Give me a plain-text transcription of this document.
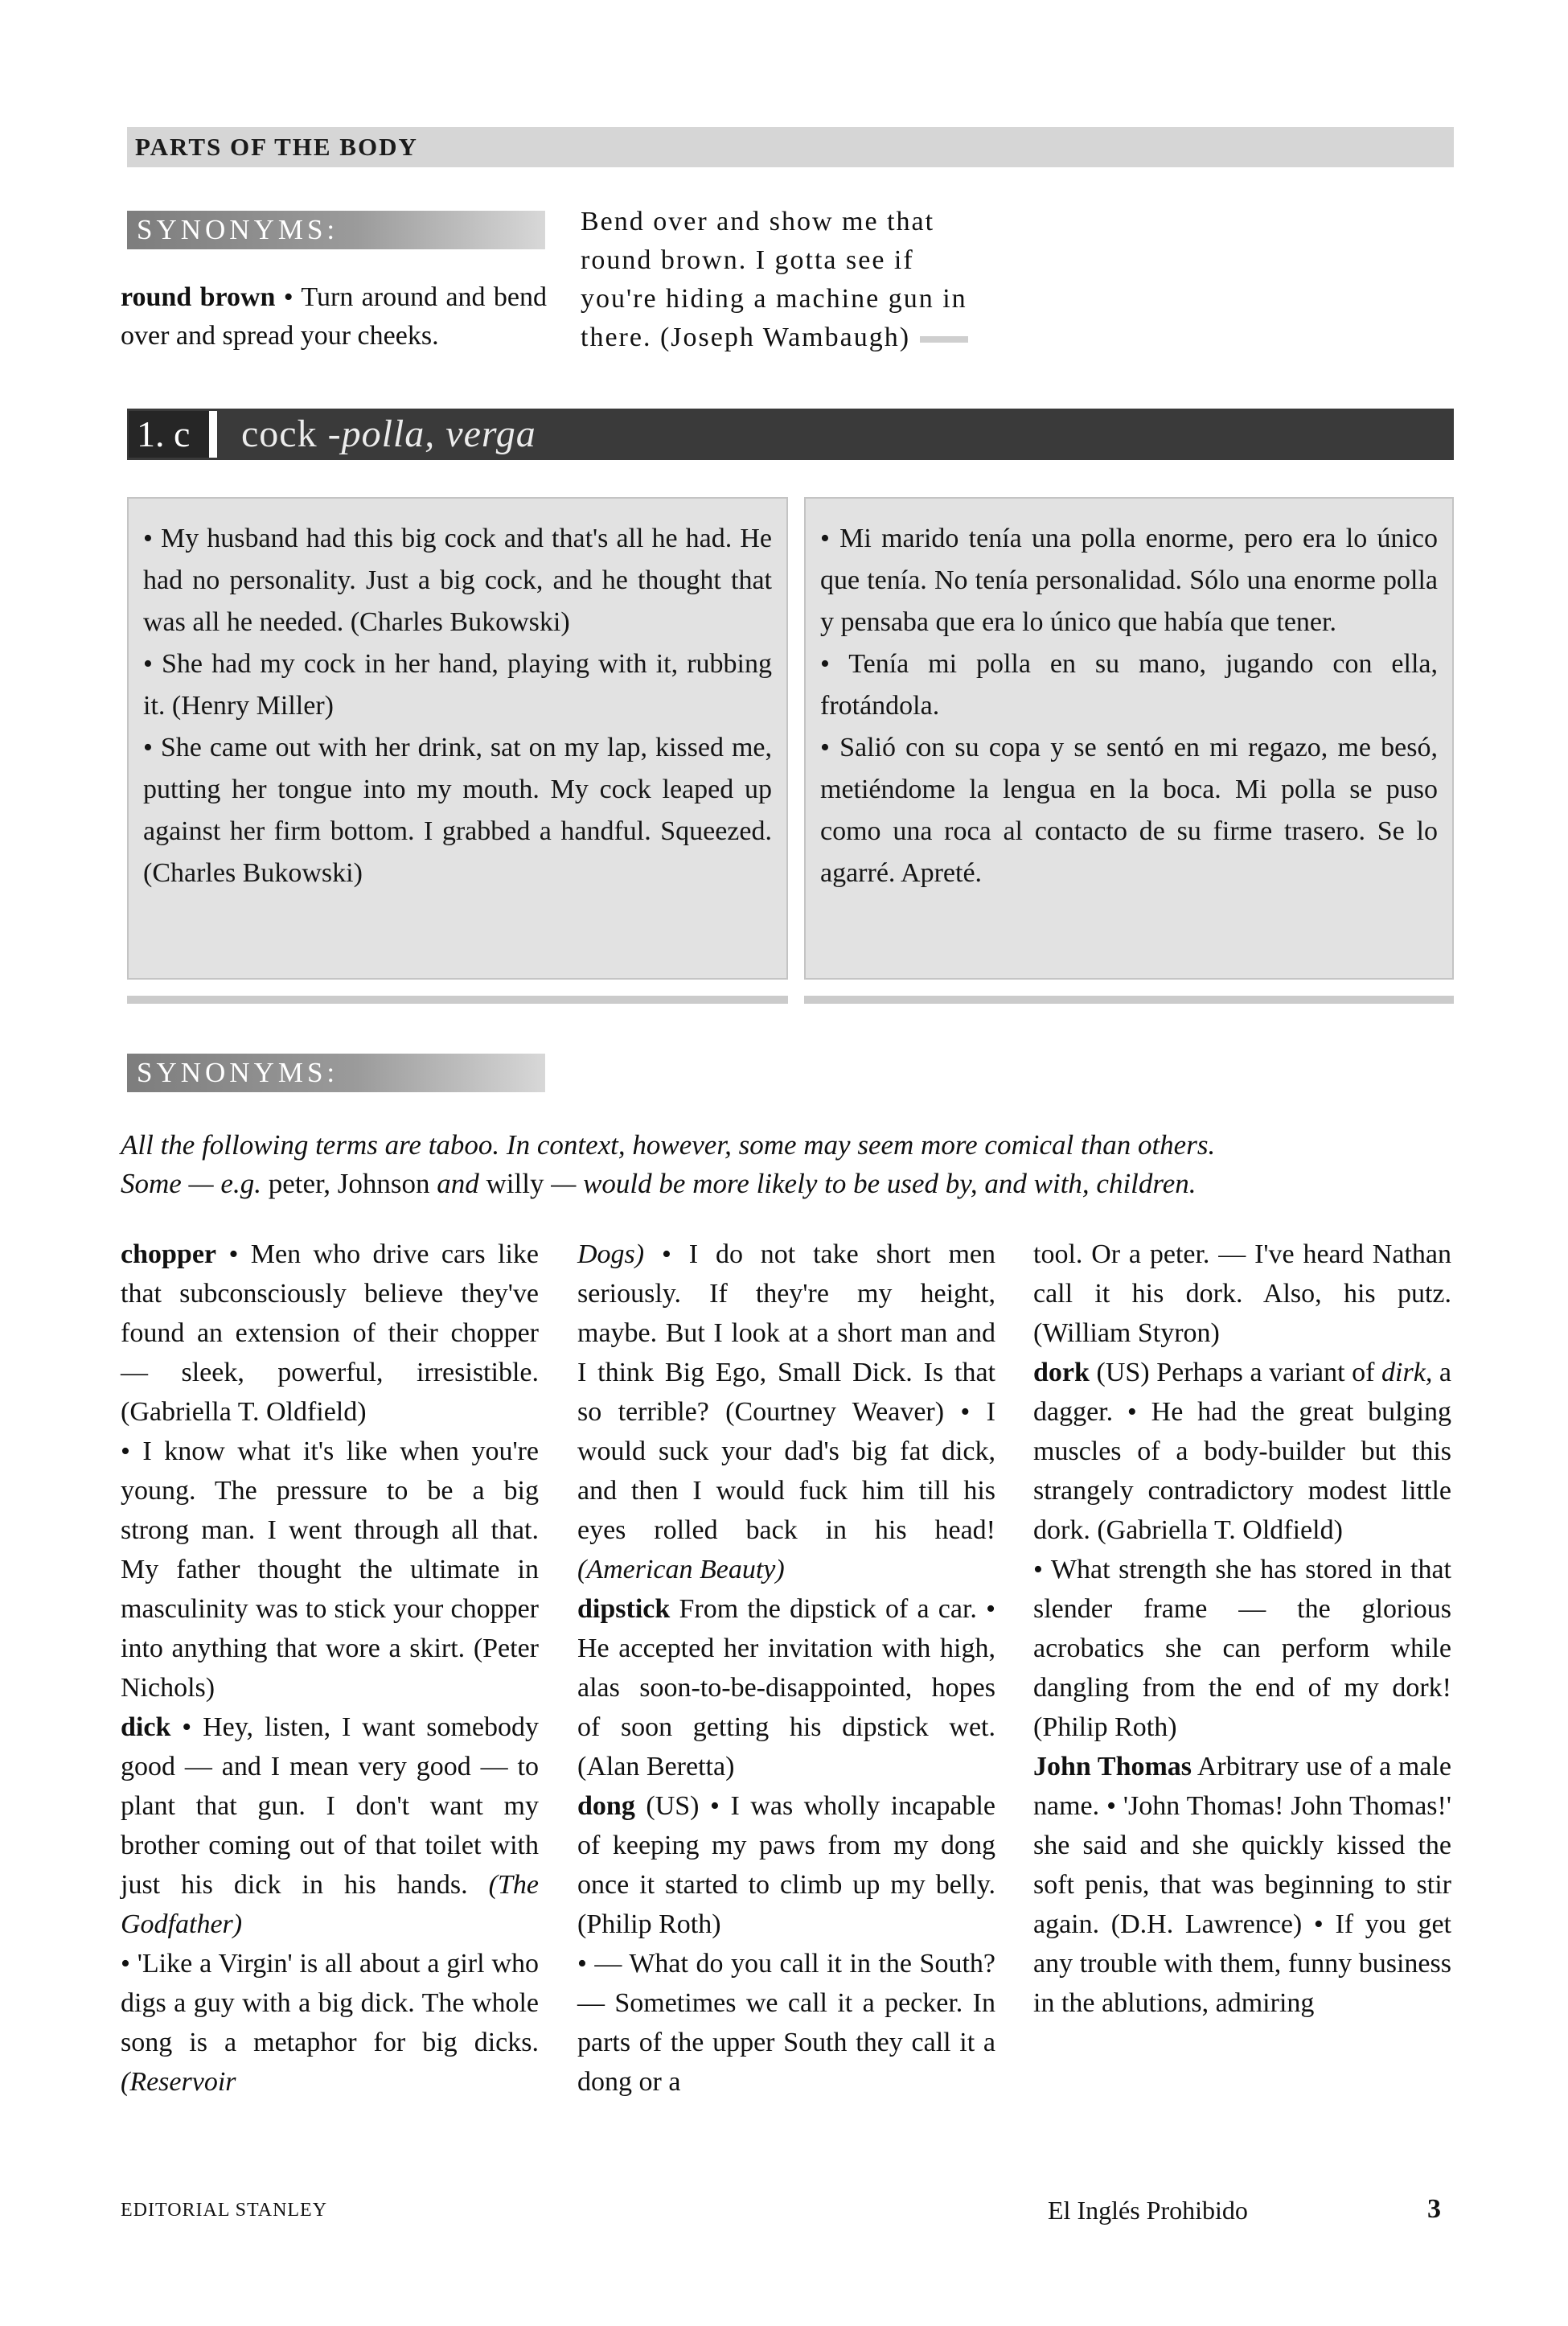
PARTS OF THE BODY
SYNONYMS:
round brown • Turn around and bend over and spread your cheeks.
Bend over and show me that round brown. I gotta see if you're hiding a machine gun in there. (Joseph Wambaugh)
1. c	cock -polla, verga

• My husband had this big cock and that's all he had. He had no personality. Just a big cock, and he thought that was all he needed. (Charles Bukowski)

• She had my cock in her hand, playing with it, rubbing it. (Henry Miller)

• She came out with her drink, sat on my lap, kissed me, putting her tongue into my mouth. My cock leaped up against her firm bottom. I grabbed a handful. Squeezed. (Charles Bukowski)

• Mi marido tenía una polla enorme, pero era lo único que tenía. No tenía personalidad. Sólo una enorme polla y pensaba que era lo único que había que tener.

• Tenía mi polla en su mano, jugando con ella, frotándola.

• Salió con su copa y se sentó en mi regazo, me besó, metiéndome la lengua en la boca. Mi polla se puso como una roca al contacto de su firme trasero. Se lo agarré. Apreté.

SYNONYMS:
All the following terms are taboo. In context, however, some may seem more comical than others.
Some — e.g. peter, Johnson and willy — would be more likely to be used by, and with, children.

chopper • Men who drive cars like that subconsciously believe they've found an extension of their chopper — sleek, powerful, irresistible. (Gabriella T. Oldfield)

• I know what it's like when you're young. The pressure to be a big strong man. I went through all that. My father thought the ultimate in masculinity was to stick your chopper into anything that wore a skirt. (Peter Nichols)

dick • Hey, listen, I want somebody good — and I mean very good — to plant that gun. I don't want my brother coming out of that toilet with just his dick in his hands. (The Godfather)

• 'Like a Virgin' is all about a girl who digs a guy with a big dick. The whole song is a metaphor for big dicks. (Reservoir

Dogs) • I do not take short men seriously. If they're my height, maybe. But I look at a short man and I think Big Ego, Small Dick. Is that so terrible? (Courtney Weaver) • I would suck your dad's big fat dick, and then I would fuck him till his eyes rolled back in his head! (American Beauty)

dipstick From the dipstick of a car. • He accepted her invitation with high, alas soon-to-be-disappointed, hopes of soon getting his dipstick wet. (Alan Beretta)

dong (US) • I was wholly incapable of keeping my paws from my dong once it started to climb up my belly. (Philip Roth)

• — What do you call it in the South? — Sometimes we call it a pecker. In parts of the upper South they call it a dong or a

tool. Or a peter. — I've heard Nathan call it his dork. Also, his putz. (William Styron)

dork (US) Perhaps a variant of dirk, a dagger. • He had the great bulging muscles of a body-builder but this strangely contradictory modest little dork. (Gabriella T. Oldfield)

• What strength she has stored in that slender frame — the glorious acrobatics she can perform while dangling from the end of my dork! (Philip Roth)

John Thomas Arbitrary use of a male name. • 'John Thomas! John Thomas!' she said and she quickly kissed the soft penis, that was beginning to stir again. (D.H. Lawrence) • If you get any trouble with them, funny business in the ablutions, admiring

EDITORIAL STANLEY	El Inglés Prohibido	3
